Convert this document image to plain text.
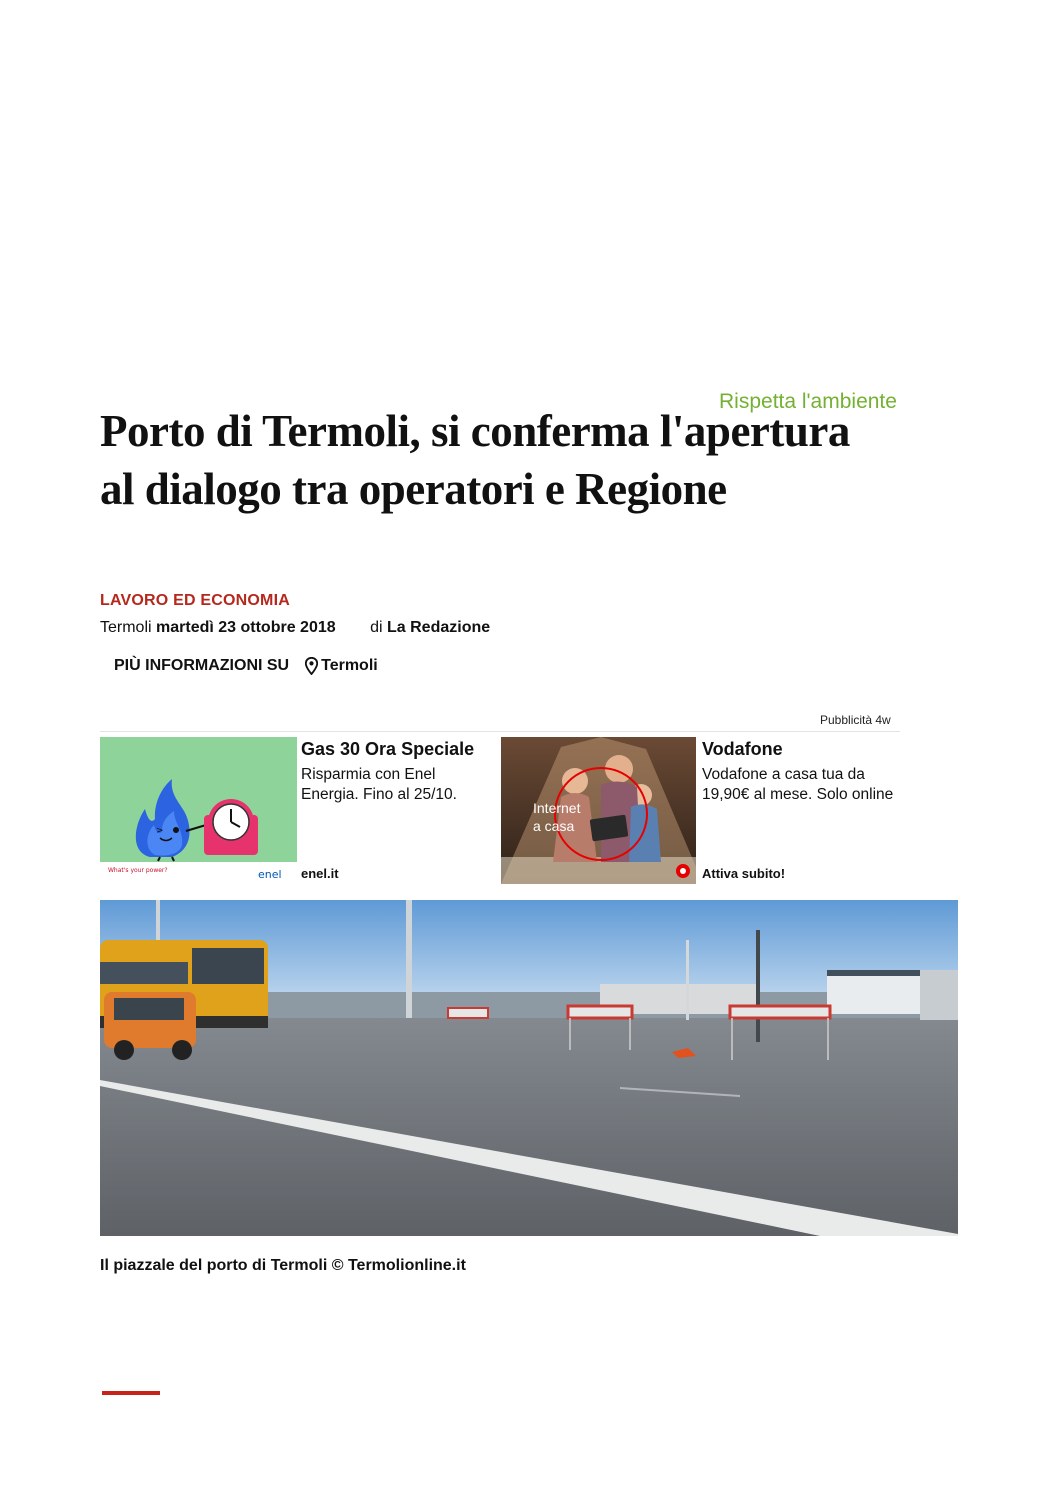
Rispetta l'ambiente
Porto di Termoli, si conferma l'apertura al dialogo tra operatori e Regione
LAVORO ED ECONOMIA
Termoli martedì 23 ottobre 2018 di La Redazione
PIÙ INFORMAZIONI SU Termoli
Pubblicità 4w
>
What's your power?	enel
Gas 30 Ora Speciale
Risparmia con Enel Energia. Fino al 25/10.
enel.it
Internet
a casa
Vodafone
Vodafone a casa tua da 19,90€ al mese. Solo online
Attiva subito!
Il piazzale del porto di Termoli © Termolionline.it
